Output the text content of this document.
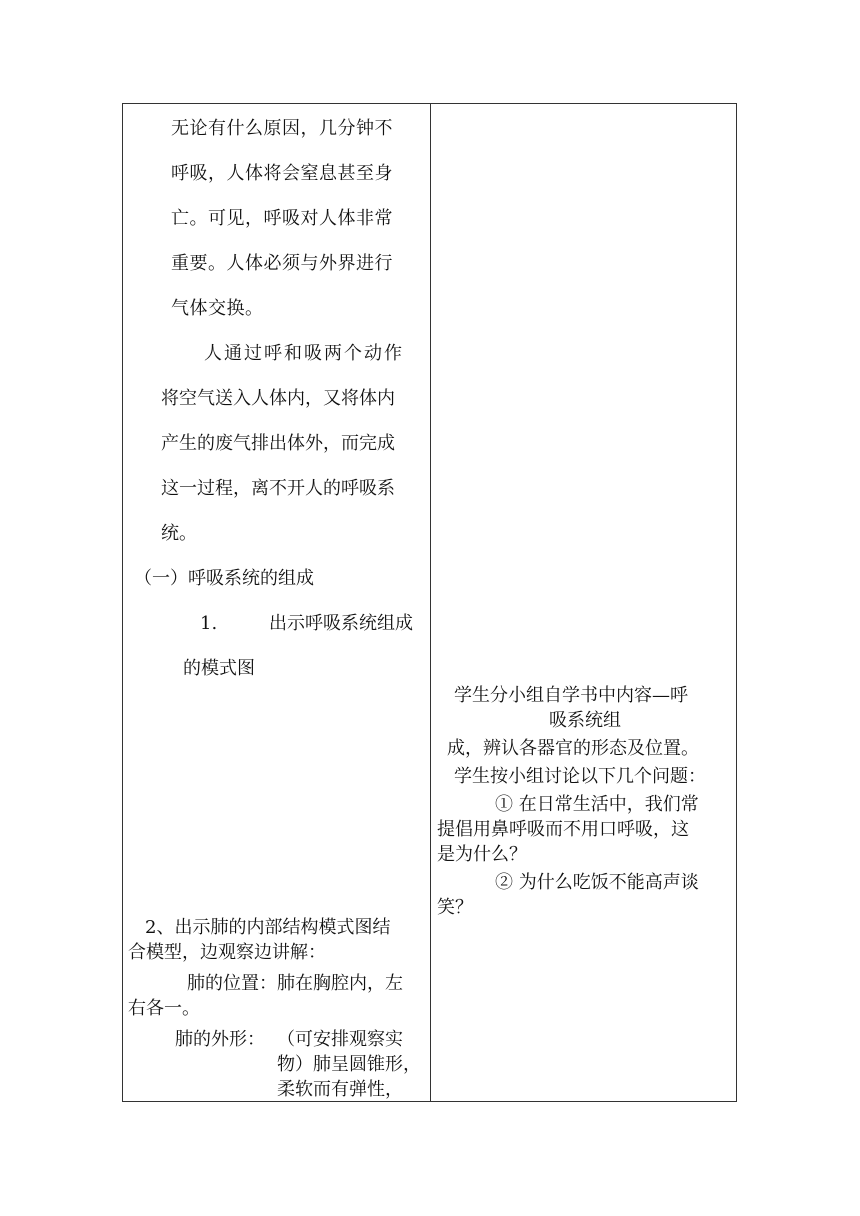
无论有什么原因，几分钟不
呼吸，人体将会窒息甚至身
亡。可见，呼吸对人体非常
重要。人体必须与外界进行
气体交换。
人通过呼和吸两个动作
将空气送入人体内，又将体内
产生的废气排出体外，而完成
这一过程，离不开人的呼吸系
统。
（一）呼吸系统的组成
1.	出示呼吸系统组成
的模式图
2、出示肺的内部结构模式图结
合模型，边观察边讲解：
肺的位置：肺在胸腔内，左
右各一。
肺的外形： （可安排观察实
物）肺呈圆锥形，
柔软而有弹性，
学生分小组自学书中内容—呼
吸系统组
成，辨认各器官的形态及位置。
学生按小组讨论以下几个问题：
① 在日常生活中，我们常
提倡用鼻呼吸而不用口呼吸，这
是为什么？
② 为什么吃饭不能高声谈
笑？
